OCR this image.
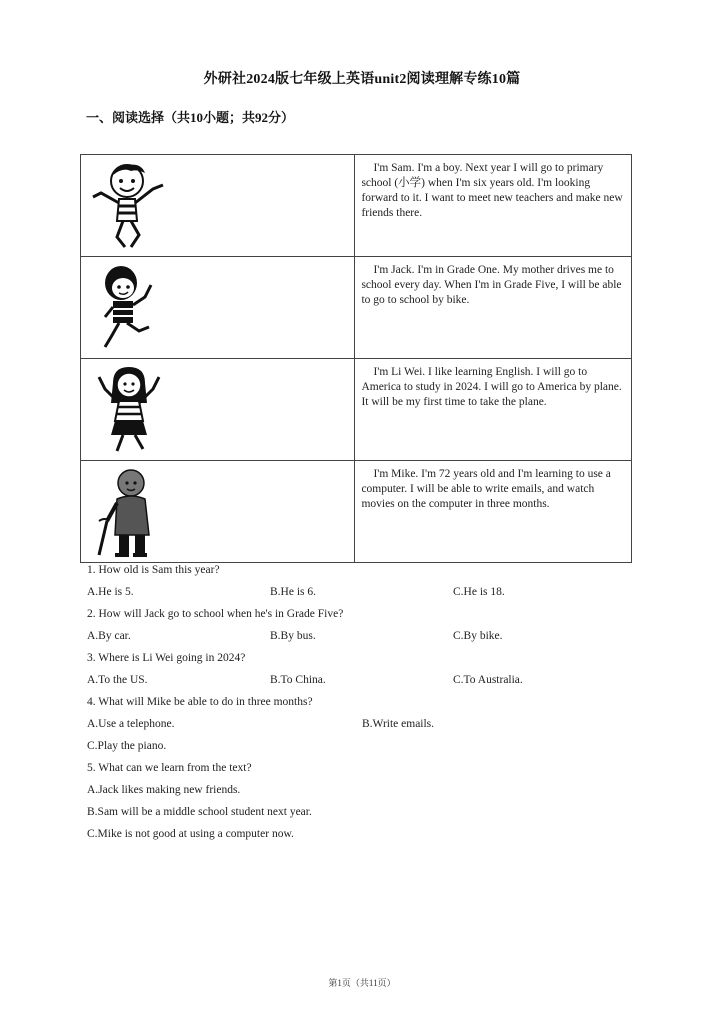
外研社2024版七年级上英语unit2阅读理解专练10篇
一、阅读选择（共10小题；共92分）

I'm Sam. I'm a boy. Next year I will go to primary school (小学) when I'm six years old. I'm looking forward to it. I want to meet new teachers and make new friends there.

I'm Jack. I'm in Grade One. My mother drives me to school every day. When I'm in Grade Five, I will be able to go to school by bike.

I'm Li Wei. I like learning English. I will go to America to study in 2024. I will go to America by plane. It will be my first time to take the plane.

I'm Mike. I'm 72 years old and I'm learning to use a computer. I will be able to write emails, and watch movies on the computer in three months.
1. How old is Sam this year?
A.He is 5.	B.He is 6.	C.He is 18.
2. How will Jack go to school when he's in Grade Five?
A.By car.	B.By bus.	C.By bike.
3. Where is Li Wei going in 2024?
A.To the US.	B.To China.	C.To Australia.
4. What will Mike be able to do in three months?
A.Use a telephone.	B.Write emails.
C.Play the piano.
5. What can we learn from the text?
A.Jack likes making new friends.
B.Sam will be a middle school student next year.
C.Mike is not good at using a computer now.
第1页（共11页）
